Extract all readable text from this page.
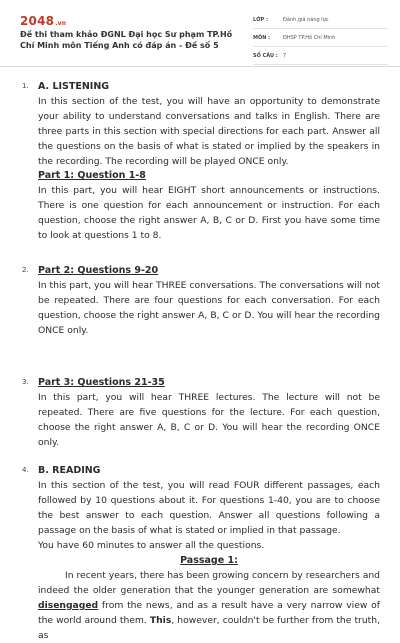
2048.vn
Đề thi tham khảo ĐGNL Đại học Sư phạm TP.Hồ Chí Minh môn Tiếng Anh có đáp án - Đề số 5
LỚP :	Đánh giá năng lực
MÔN :	ĐHSP TP.Hồ Chí Minh
SỐ CÂU : 7
1. A. LISTENING

In this section of the test, you will have an opportunity to demonstrate your ability to understand conversations and talks in English. There are three parts in this section with special directions for each part. Answer all the questions on the basis of what is stated or implied by the speakers in the recording. The recording will be played ONCE only.

Part 1: Question 1-8

In this part, you will hear EIGHT short announcements or instructions. There is one question for each announcement or instruction. For each question, choose the right answer A, B, C or D. First you have some time to look at questions 1 to 8.

2. Part 2: Questions 9-20

In this part, you will hear THREE conversations. The conversations will not be repeated. There are four questions for each conversation. For each question, choose the right answer A, B, C or D. You will hear the recording ONCE only.

3. Part 3: Questions 21-35

In this part, you will hear THREE lectures. The lecture will not be repeated. There are five questions for the lecture. For each question, choose the right answer A, B, C or D. You will hear the recording ONCE only.

4. B. READING

In this section of the test, you will read FOUR different passages, each followed by 10 questions about it. For questions 1-40, you are to choose the best answer to each question. Answer all questions following a passage on the basis of what is stated or implied in that passage.

You have 60 minutes to answer all the questions.

Passage 1:

In recent years, there has been growing concern by researchers and indeed the older generation that the younger generation are somewhat disengaged from the news, and as a result have a very narrow view of the world around them. This, however, couldn't be further from the truth, as
